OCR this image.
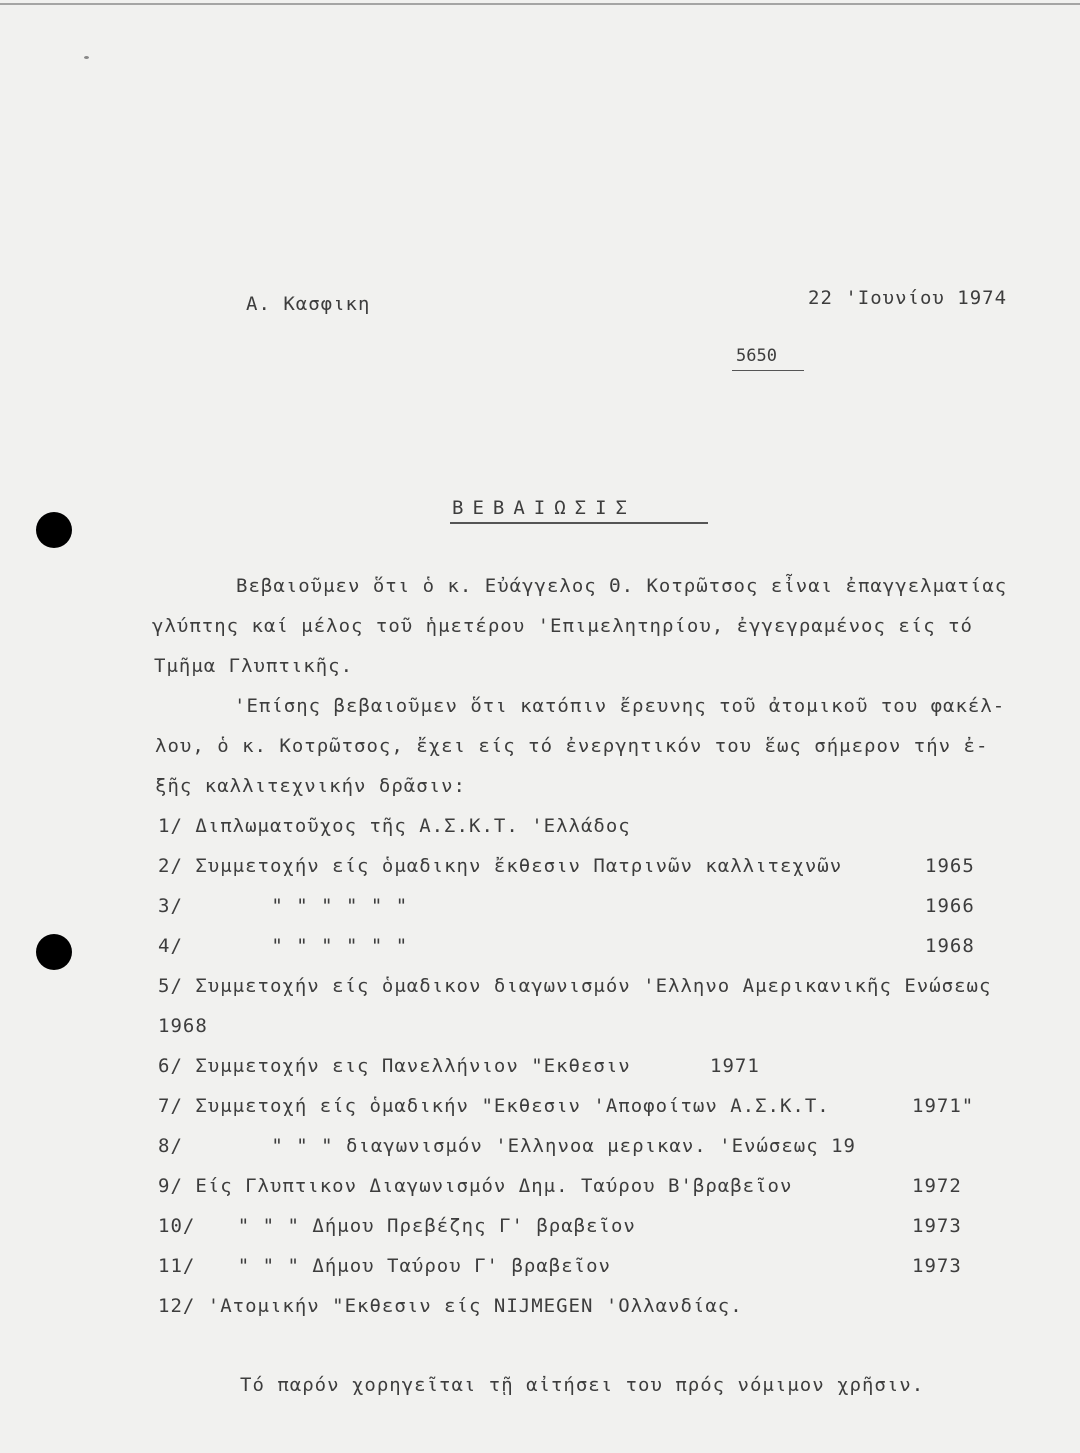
Α. Κασφικη	22 'Ιουνίου 1974
5650
ΒΕΒΑΙΩΣΙΣ
Βεβαιοῦμεν ὅτι ὁ κ. Εὐάγγελος Θ. Κοτρῶτσος εἶναι ἐπαγγελματίας
γλύπτης καί μέλος τοῦ ἡμετέρου 'Επιμελητηρίου, ἐγγεγραμένος είς τό
Τμῆμα Γλυπτικῆς.
'Επίσης βεβαιοῦμεν ὅτι κατόπιν ἔρευνης τοῦ ἀτομικοῦ του φακέλ-
λου, ὁ κ. Κοτρῶτσος, ἔχει είς τό ἐνεργητικόν του ἕως σήμερον τήν ἐ-
ξῆς καλλιτεχνικήν δρᾶσιν:
1/ Διπλωματοῦχος τῆς Α.Σ.Κ.Τ. 'Ελλάδος
2/ Συμμετοχήν είς ὁμαδικην ἔκθεσιν Πατρινῶν καλλιτεχνῶν	1965
3/	" " " " " "	1966
4/	" " " " " "	1968
5/ Συμμετοχήν είς ὁμαδικον διαγωνισμόν 'Ελληνο Αμερικανικῆς Ενώσεως
1968
6/ Συμμετοχήν εις Πανελλήνιον "Εκθεσιν	1971
7/ Συμμετοχή είς ὁμαδικήν "Εκθεσιν 'Αποφοίτων Α.Σ.Κ.Τ.	1971"
8/	" " " διαγωνισμόν 'Ελληνοα μερικαν. 'Ενώσεως 19
9/ Είς Γλυπτικον Διαγωνισμόν Δημ. Ταύρου Β'βραβεῖον	1972
10/ " " " Δήμου Πρεβέζης Γ' βραβεῖον	1973
11/ " " " Δήμου Ταύρου Γ' βραβεῖον	1973
12/ 'Ατομικήν "Εκθεσιν είς NIJMEGEN 'Ολλανδίας.
Τό παρόν χορηγεῖται τῇ αἰτήσει του πρός νόμιμον χρῆσιν.
